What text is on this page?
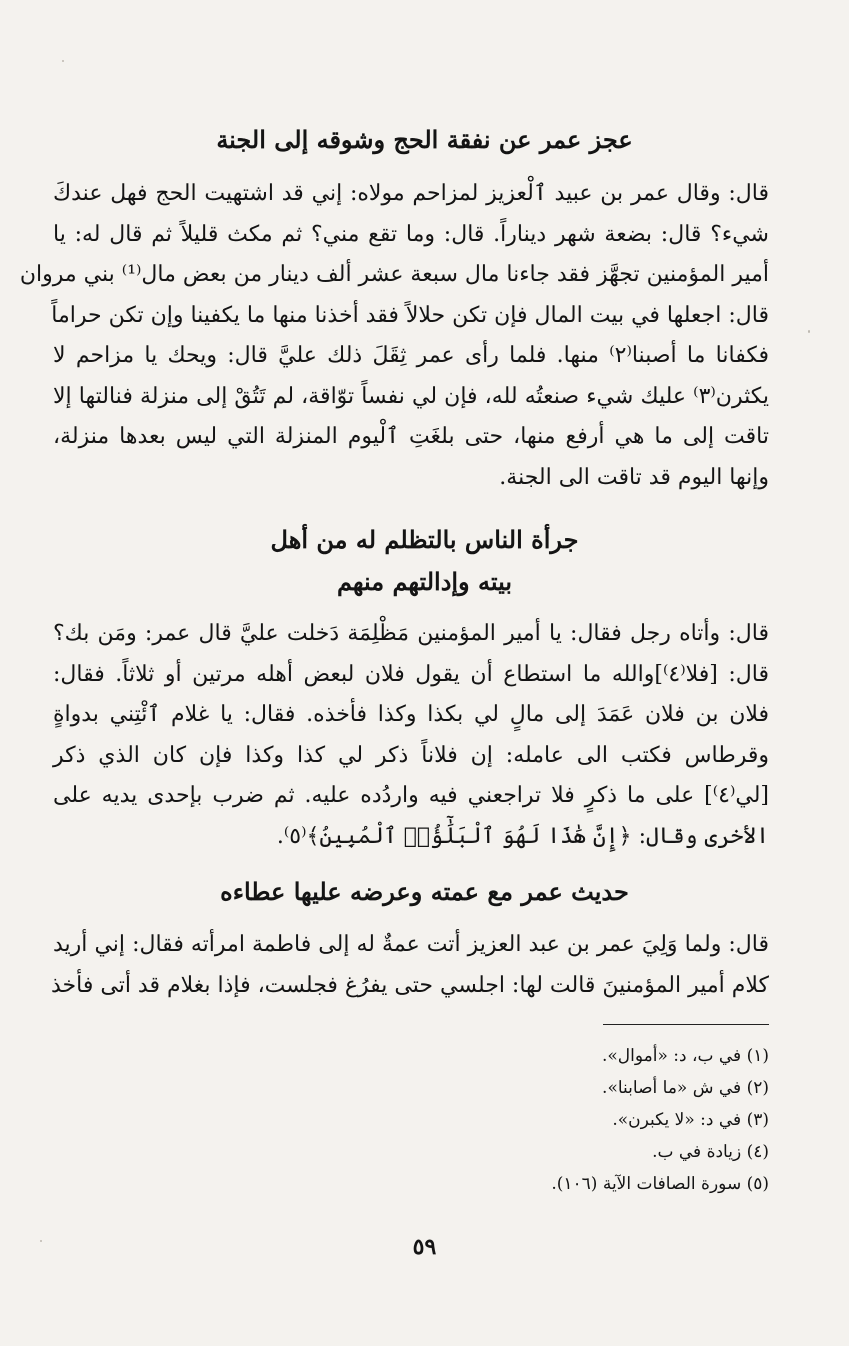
عجز عمر عن نفقة الحج وشوقه إلى الجنة
قال: وقال عمر بن عبيد ٱلْعزيز لمزاحم مولاه: إني قد اشتهيت الحج فهل عندكَ
شيء؟ قال: بضعة شهر ديناراً. قال: وما تقع مني؟ ثم مكث قليلاً ثم قال له: يا
أمير المؤمنين تجهَّز فقد جاءنا مال سبعة عشر ألف دينار من بعض مال⁽¹⁾ بني مروان
قال: اجعلها في بيت المال فإن تكن حلالاً فقد أخذنا منها ما يكفينا وإن تكن حراماً
فكفانا ما أصبنا⁽٢⁾ منها. فلما رأى عمر ثِقَلَ ذلك عليَّ قال: ويحك يا مزاحم لا
يكثرن⁽٣⁾ عليك شيء صنعتُه لله، فإن لي نفساً توّاقة، لم تَتُقْ إلى منزلة فنالتها إلا
تاقت إلى ما هي أرفع منها، حتى بلغَتِ ٱلْيوم المنزلة التي ليس بعدها منزلة،
وإنها اليوم قد تاقت الى الجنة.
جرأة الناس بالتظلم له من أهل
بيته وإدالتهم منهم
قال: وأتاه رجل فقال: يا أمير المؤمنين مَظْلِمَة دَخلت عليَّ قال عمر: ومَن بك؟
قال: [فلا⁽٤⁾]والله ما استطاع أن يقول فلان لبعض أهله مرتين أو ثلاثاً. فقال:
فلان بن فلان عَمَدَ إلى مالٍ لي بكذا وكذا فأخذه. فقال: يا غلام ٱئْتِني بدواةٍ
وقرطاس فكتب الى عامله: إن فلاناً ذكر لي كذا وكذا فإن كان الذي ذكر
[لي⁽٤⁾] على ما ذكرٍ فلا تراجعني فيه واردُده عليه. ثم ضرب بإحدى يديه على
الأخرى وقال: ﴿إِنَّ هَٰذَا لَهُوَ ٱلْبَلَٰٓؤُا۟ ٱلْمُبِينُ﴾⁽٥⁾.
حديث عمر مع عمته وعرضه عليها عطاءه
قال: ولما وَلِيَ عمر بن عبد العزيز أتت عمةٌ له إلى فاطمة امرأته فقال: إني أريد
كلام أمير المؤمنينَ قالت لها: اجلسي حتى يفرُغ فجلست، فإذا بغلام قد أتى فأخذ
(١) في ب، د: «أموال».
(٢) في ش «ما أصابنا».
(٣) في د: «لا يكبرن».
(٤) زيادة في ب.
(٥) سورة الصافات الآية (١٠٦).
٥٩
